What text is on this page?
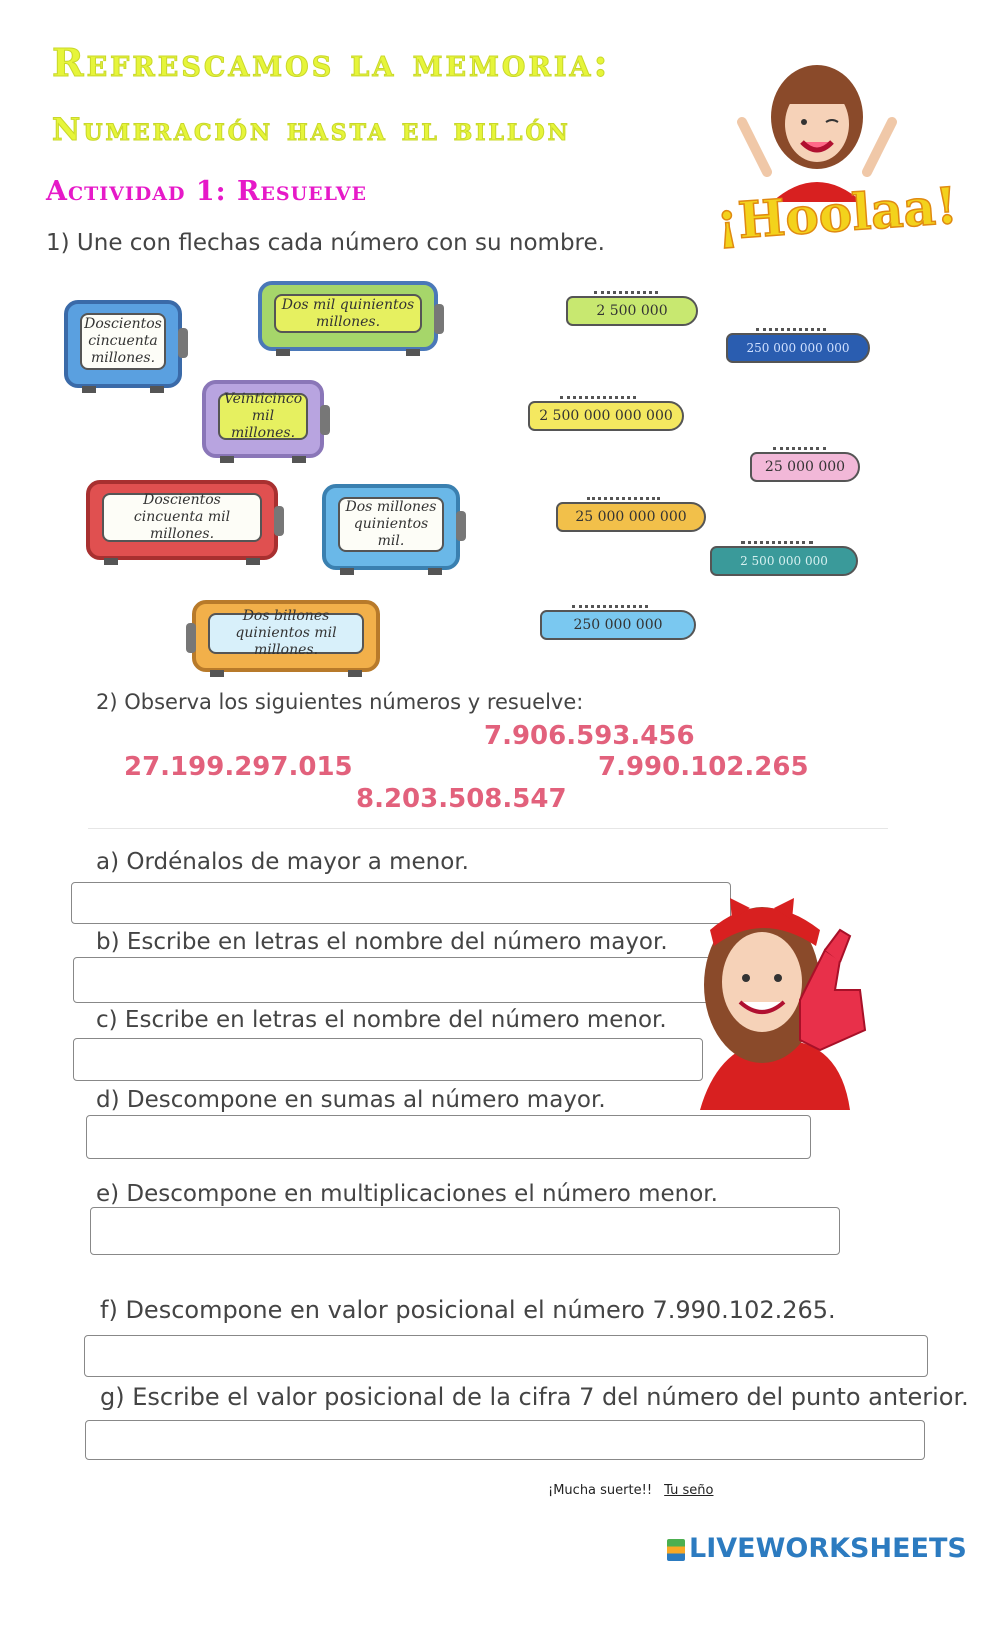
Refrescamos la memoria:
Numeración hasta el billón
Actividad 1: Resuelve
1) Une con flechas cada número con su nombre. ¡Hoolaa!
Doscientos cincuenta millones.
Dos mil quinientos millones.
Veinticinco mil millones.
Doscientos cincuenta mil millones.
Dos millones quinientos mil.
Dos billones quinientos mil millones.
2 500 000
250 000 000 000
2 500 000 000 000
25 000 000
25 000 000 000
2 500 000 000
250 000 000
2) Observa los siguientes números y resuelve:
7.906.593.456
27.199.297.015	7.990.102.265
8.203.508.547
a) Ordénalos de mayor a menor.
b) Escribe en letras el nombre del número mayor.
c) Escribe en letras el nombre del número menor.
d) Descompone en sumas al número mayor.
e) Descompone en multiplicaciones el número menor.
f) Descompone en valor posicional el número 7.990.102.265.
g) Escribe el valor posicional de la cifra 7 del número del punto anterior.
¡Mucha suerte!! Tu seño
LIVEWORKSHEETS
